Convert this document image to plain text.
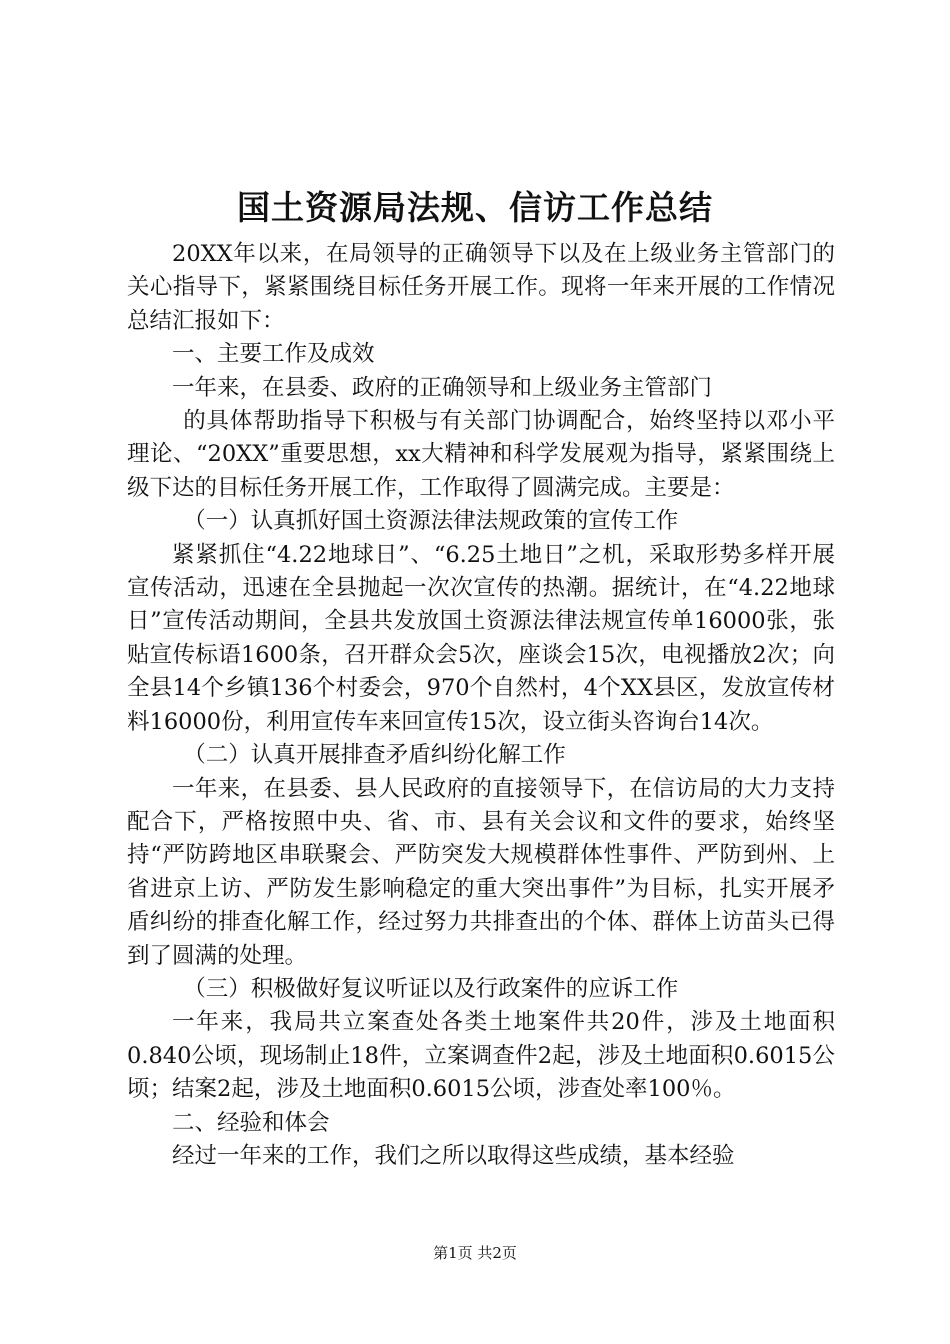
国土资源局法规、信访工作总结

20XX年以来，在局领导的正确领导下以及在上级业务主管部门的关心指导下，紧紧围绕目标任务开展工作。现将一年来开展的工作情况总结汇报如下：

一、主要工作及成效

一年来，在县委、政府的正确领导和上级业务主管部门

的具体帮助指导下积极与有关部门协调配合，始终坚持以邓小平理论、“20XX”重要思想，xx大精神和科学发展观为指导，紧紧围绕上级下达的目标任务开展工作，工作取得了圆满完成。主要是：

（一）认真抓好国土资源法律法规政策的宣传工作

紧紧抓住“4.22地球日”、“6.25土地日”之机，采取形势多样开展宣传活动，迅速在全县抛起一次次宣传的热潮。据统计，在“4.22地球日”宣传活动期间，全县共发放国土资源法律法规宣传单16000张，张贴宣传标语1600条，召开群众会5次，座谈会15次，电视播放2次；向全县14个乡镇136个村委会，970个自然村，4个XX县区，发放宣传材料16000份，利用宣传车来回宣传15次，设立街头咨询台14次。

（二）认真开展排查矛盾纠纷化解工作

一年来，在县委、县人民政府的直接领导下，在信访局的大力支持配合下，严格按照中央、省、市、县有关会议和文件的要求，始终坚持“严防跨地区串联聚会、严防突发大规模群体性事件、严防到州、上省进京上访、严防发生影响稳定的重大突出事件”为目标，扎实开展矛盾纠纷的排查化解工作，经过努力共排查出的个体、群体上访苗头已得到了圆满的处理。

（三）积极做好复议听证以及行政案件的应诉工作

一年来，我局共立案查处各类土地案件共20件，涉及土地面积0.840公顷，现场制止18件，立案调查件2起，涉及土地面积0.6015公顷；结案2起，涉及土地面积0.6015公顷，涉查处率100％。

二、经验和体会

经过一年来的工作，我们之所以取得这些成绩，基本经验

第1页 共2页
